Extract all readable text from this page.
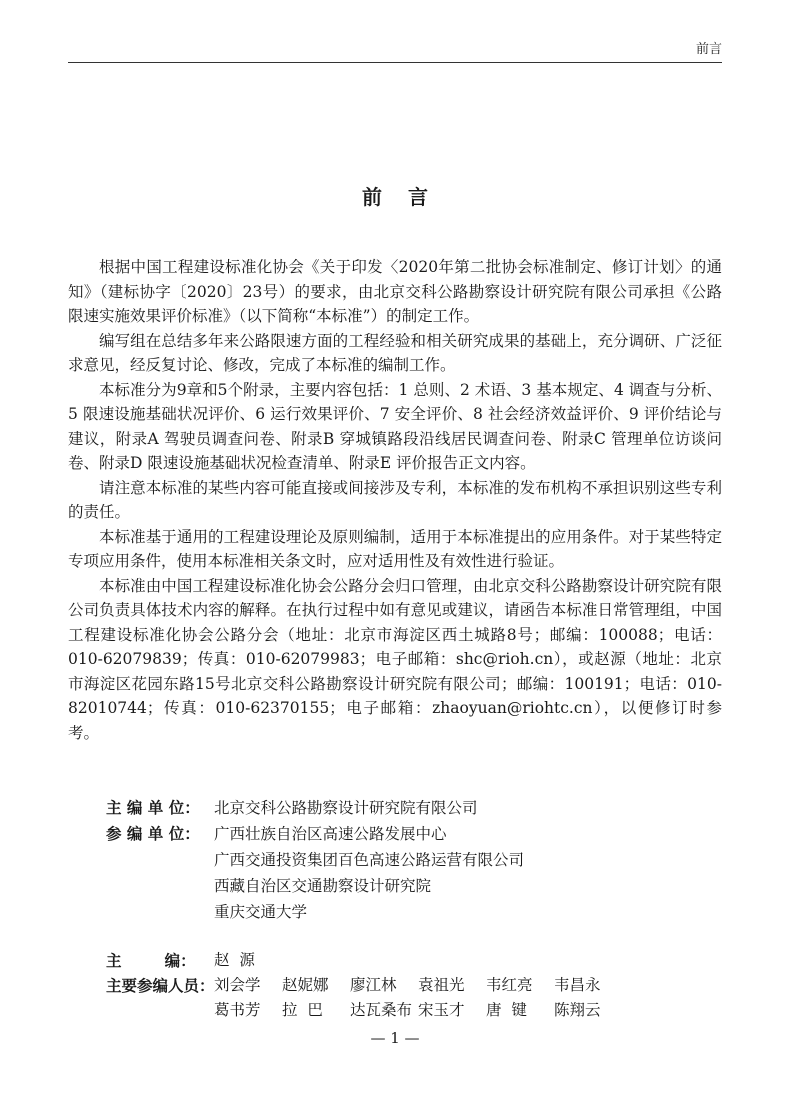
前言
前言

根据中国工程建设标准化协会《关于印发〈2020年第二批协会标准制定、修订计划〉的通知》（建标协字〔2020〕23号）的要求，由北京交科公路勘察设计研究院有限公司承担《公路限速实施效果评价标准》（以下简称“本标准”）的制定工作。

编写组在总结多年来公路限速方面的工程经验和相关研究成果的基础上，充分调研、广泛征求意见，经反复讨论、修改，完成了本标准的编制工作。

本标准分为9章和5个附录，主要内容包括：1 总则、2 术语、3 基本规定、4 调查与分析、5 限速设施基础状况评价、6 运行效果评价、7 安全评价、8 社会经济效益评价、9 评价结论与建议，附录A 驾驶员调查问卷、附录B 穿城镇路段沿线居民调查问卷、附录C 管理单位访谈问卷、附录D 限速设施基础状况检查清单、附录E 评价报告正文内容。

请注意本标准的某些内容可能直接或间接涉及专利，本标准的发布机构不承担识别这些专利的责任。

本标准基于通用的工程建设理论及原则编制，适用于本标准提出的应用条件。对于某些特定专项应用条件，使用本标准相关条文时，应对适用性及有效性进行验证。

本标准由中国工程建设标准化协会公路分会归口管理，由北京交科公路勘察设计研究院有限公司负责具体技术内容的解释。在执行过程中如有意见或建议，请函告本标准日常管理组，中国工程建设标准化协会公路分会（地址：北京市海淀区西土城路8号；邮编：100088；电话：010-62079839；传真：010-62079983；电子邮箱：shc@rioh.cn），或赵源（地址：北京市海淀区花园东路15号北京交科公路勘察设计研究院有限公司；邮编：100191；电话：010-82010744；传真：010-62370155；电子邮箱：zhaoyuan@riohtc.cn），以便修订时参考。

主 编 单 位： 北京交科公路勘察设计研究院有限公司
参 编 单 位： 广西壮族自治区高速公路发展中心
广西交通投资集团百色高速公路运营有限公司
西藏自治区交通勘察设计研究院
重庆交通大学
主        编：	赵  源
主要参编人员： 刘会学	赵妮娜	廖江林	袁祖光	韦红亮	韦昌永
葛书芳	拉  巴	达瓦桑布 宋玉才	唐  键	陈翔云
— 1 —
